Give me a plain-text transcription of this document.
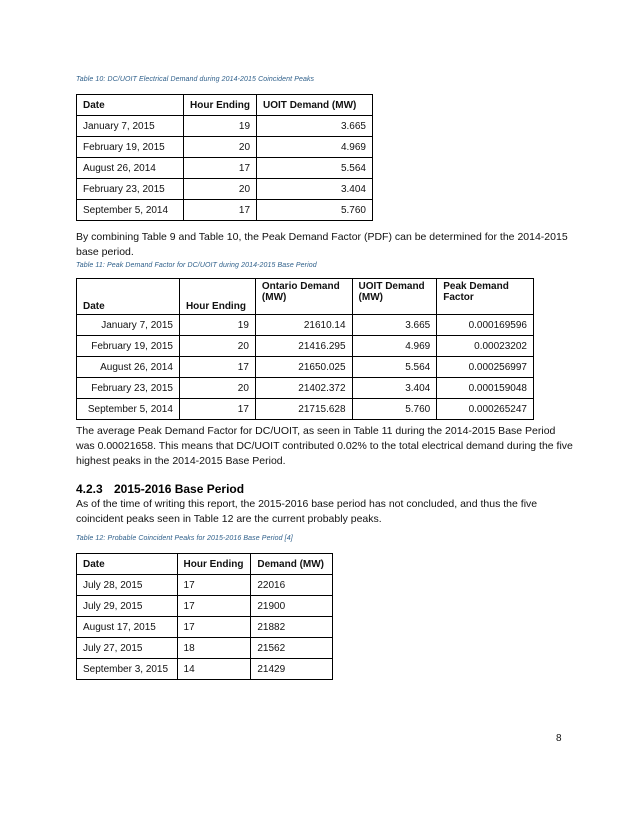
Table 10: DC/UOIT Electrical Demand during 2014-2015 Coincident Peaks
Date	Hour Ending	UOIT Demand (MW)
January 7, 2015	19	3.665
February 19, 2015	20	4.969
August 26, 2014	17	5.564
February 23, 2015	20	3.404
September 5, 2014	17	5.760
By combining Table 9 and Table 10, the Peak Demand Factor (PDF) can be determined for the 2014-2015 base period.
Table 11: Peak Demand Factor for DC/UOIT during 2014-2015 Base Period
Date	Hour Ending	Ontario Demand (MW)	UOIT Demand (MW)	Peak Demand Factor
January 7, 2015	19	21610.14	3.665	0.000169596
February 19, 2015	20	21416.295	4.969	0.00023202
August 26, 2014	17	21650.025	5.564	0.000256997
February 23, 2015	20	21402.372	3.404	0.000159048
September 5, 2014	17	21715.628	5.760	0.000265247
The average Peak Demand Factor for DC/UOIT, as seen in Table 11 during the 2014-2015 Base Period was 0.00021658. This means that DC/UOIT contributed 0.02% to the total electrical demand during the five highest peaks in the 2014-2015 Base Period.
4.2.3 2015-2016 Base Period
As of the time of writing this report, the 2015-2016 base period has not concluded, and thus the five coincident peaks seen in Table 12 are the current probably peaks.
Table 12: Probable Coincident Peaks for 2015-2016 Base Period [4]
Date	Hour Ending	Demand (MW)
July 28, 2015	17	22016
July 29, 2015	17	21900
August 17, 2015	17	21882
July 27, 2015	18	21562
September 3, 2015	14	21429
8
